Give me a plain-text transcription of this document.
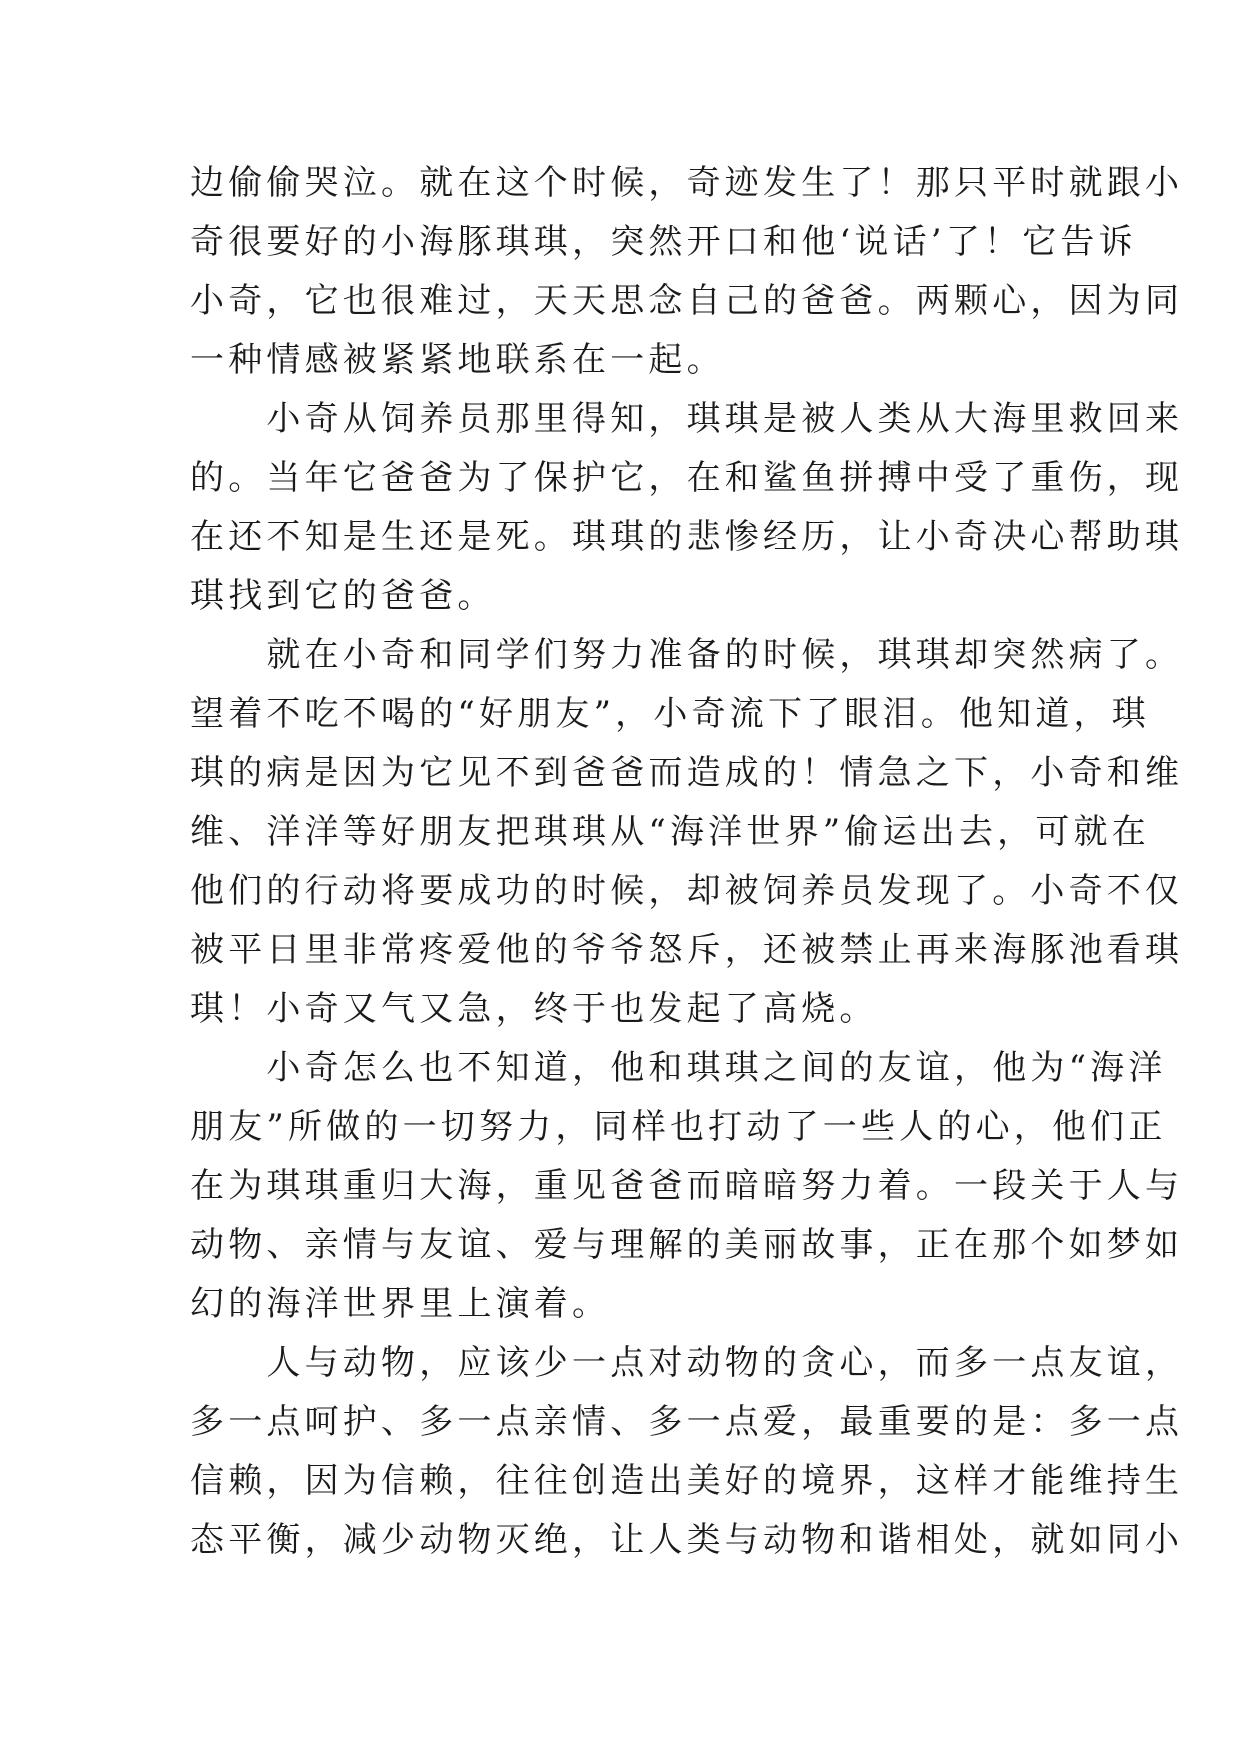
边偷偷哭泣。就在这个时候，奇迹发生了！那只平时就跟小
奇很要好的小海豚琪琪，突然开口和他‘说话’了！它告诉
小奇，它也很难过，天天思念自己的爸爸。两颗心，因为同
一种情感被紧紧地联系在一起。
　　小奇从饲养员那里得知，琪琪是被人类从大海里救回来
的。当年它爸爸为了保护它，在和鲨鱼拼搏中受了重伤，现
在还不知是生还是死。琪琪的悲惨经历，让小奇决心帮助琪
琪找到它的爸爸。
　　就在小奇和同学们努力准备的时候，琪琪却突然病了。
望着不吃不喝的“好朋友”，小奇流下了眼泪。他知道，琪
琪的病是因为它见不到爸爸而造成的！情急之下，小奇和维
维、洋洋等好朋友把琪琪从“海洋世界”偷运出去，可就在
他们的行动将要成功的时候，却被饲养员发现了。小奇不仅
被平日里非常疼爱他的爷爷怒斥，还被禁止再来海豚池看琪
琪！小奇又气又急，终于也发起了高烧。
　　小奇怎么也不知道，他和琪琪之间的友谊，他为“海洋
朋友”所做的一切努力，同样也打动了一些人的心，他们正
在为琪琪重归大海，重见爸爸而暗暗努力着。一段关于人与
动物、亲情与友谊、爱与理解的美丽故事，正在那个如梦如
幻的海洋世界里上演着。
　　人与动物，应该少一点对动物的贪心，而多一点友谊，
多一点呵护、多一点亲情、多一点爱，最重要的是：多一点
信赖，因为信赖，往往创造出美好的境界，这样才能维持生
态平衡，减少动物灭绝，让人类与动物和谐相处，就如同小
